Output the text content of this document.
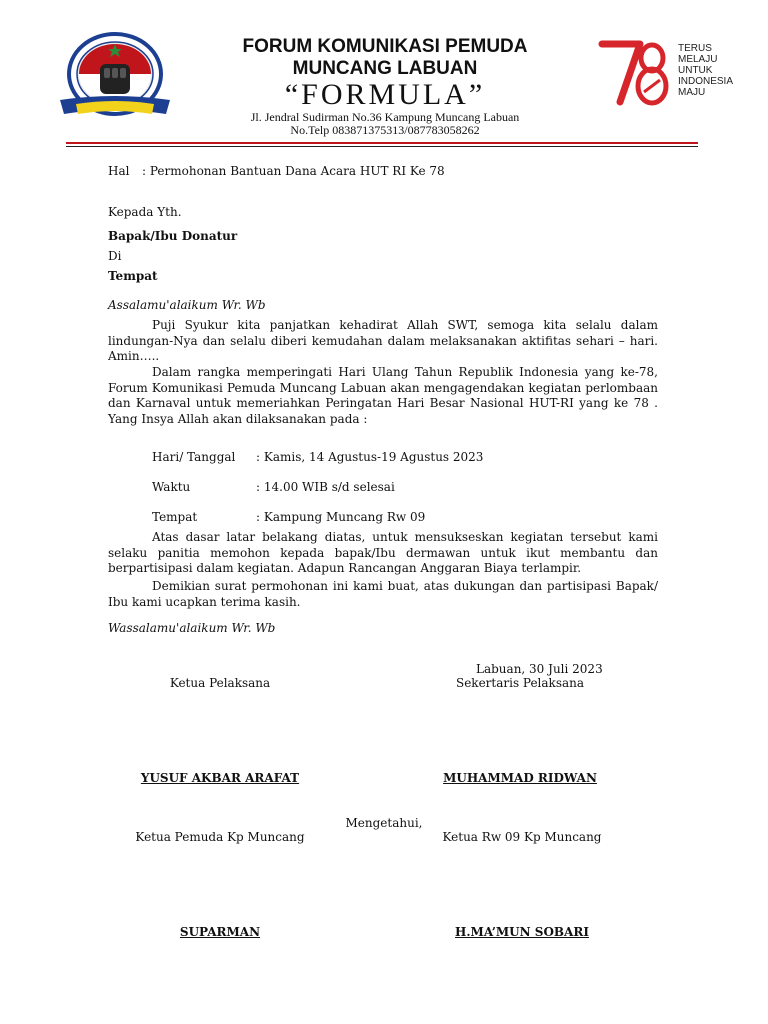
TERUS
MELAJU
UNTUK
INDONESIA
MAJU
FORUM KOMUNIKASI PEMUDA
MUNCANG LABUAN
“FORMULA”
Jl. Jendral Sudirman No.36 Kampung Muncang Labuan
No.Telp 083871375313/087783058262
Hal : Permohonan Bantuan Dana Acara HUT RI Ke 78
Kepada Yth.
Bapak/Ibu Donatur
Di
Tempat
Assalamu'alaikum Wr. Wb
Puji Syukur kita panjatkan kehadirat Allah SWT, semoga kita selalu dalam lindungan-Nya dan selalu diberi kemudahan dalam melaksanakan aktifitas sehari – hari. Amin…..
Dalam rangka memperingati Hari Ulang Tahun Republik Indonesia yang ke-78, Forum Komunikasi Pemuda Muncang Labuan akan mengagendakan kegiatan perlombaan dan Karnaval untuk memeriahkan Peringatan Hari Besar Nasional HUT-RI yang ke 78 . Yang Insya Allah akan dilaksanakan pada :
Hari/ Tanggal : Kamis, 14 Agustus-19 Agustus 2023
Waktu	: 14.00 WIB s/d selesai
Tempat	: Kampung Muncang Rw 09
Atas dasar latar belakang diatas, untuk mensukseskan kegiatan tersebut kami selaku panitia memohon kepada bapak/Ibu dermawan untuk ikut membantu dan berpartisipasi dalam kegiatan. Adapun Rancangan Anggaran Biaya terlampir.
Demikian surat permohonan ini kami buat, atas dukungan dan partisipasi Bapak/ Ibu kami ucapkan terima kasih.
Wassalamu'alaikum Wr. Wb
Labuan, 30 Juli 2023
Ketua Pelaksana	Sekertaris Pelaksana
YUSUF AKBAR ARAFAT	MUHAMMAD RIDWAN
Mengetahui,
Ketua Pemuda Kp Muncang	Ketua Rw 09 Kp Muncang
SUPARMAN	H.MA’MUN SOBARI
